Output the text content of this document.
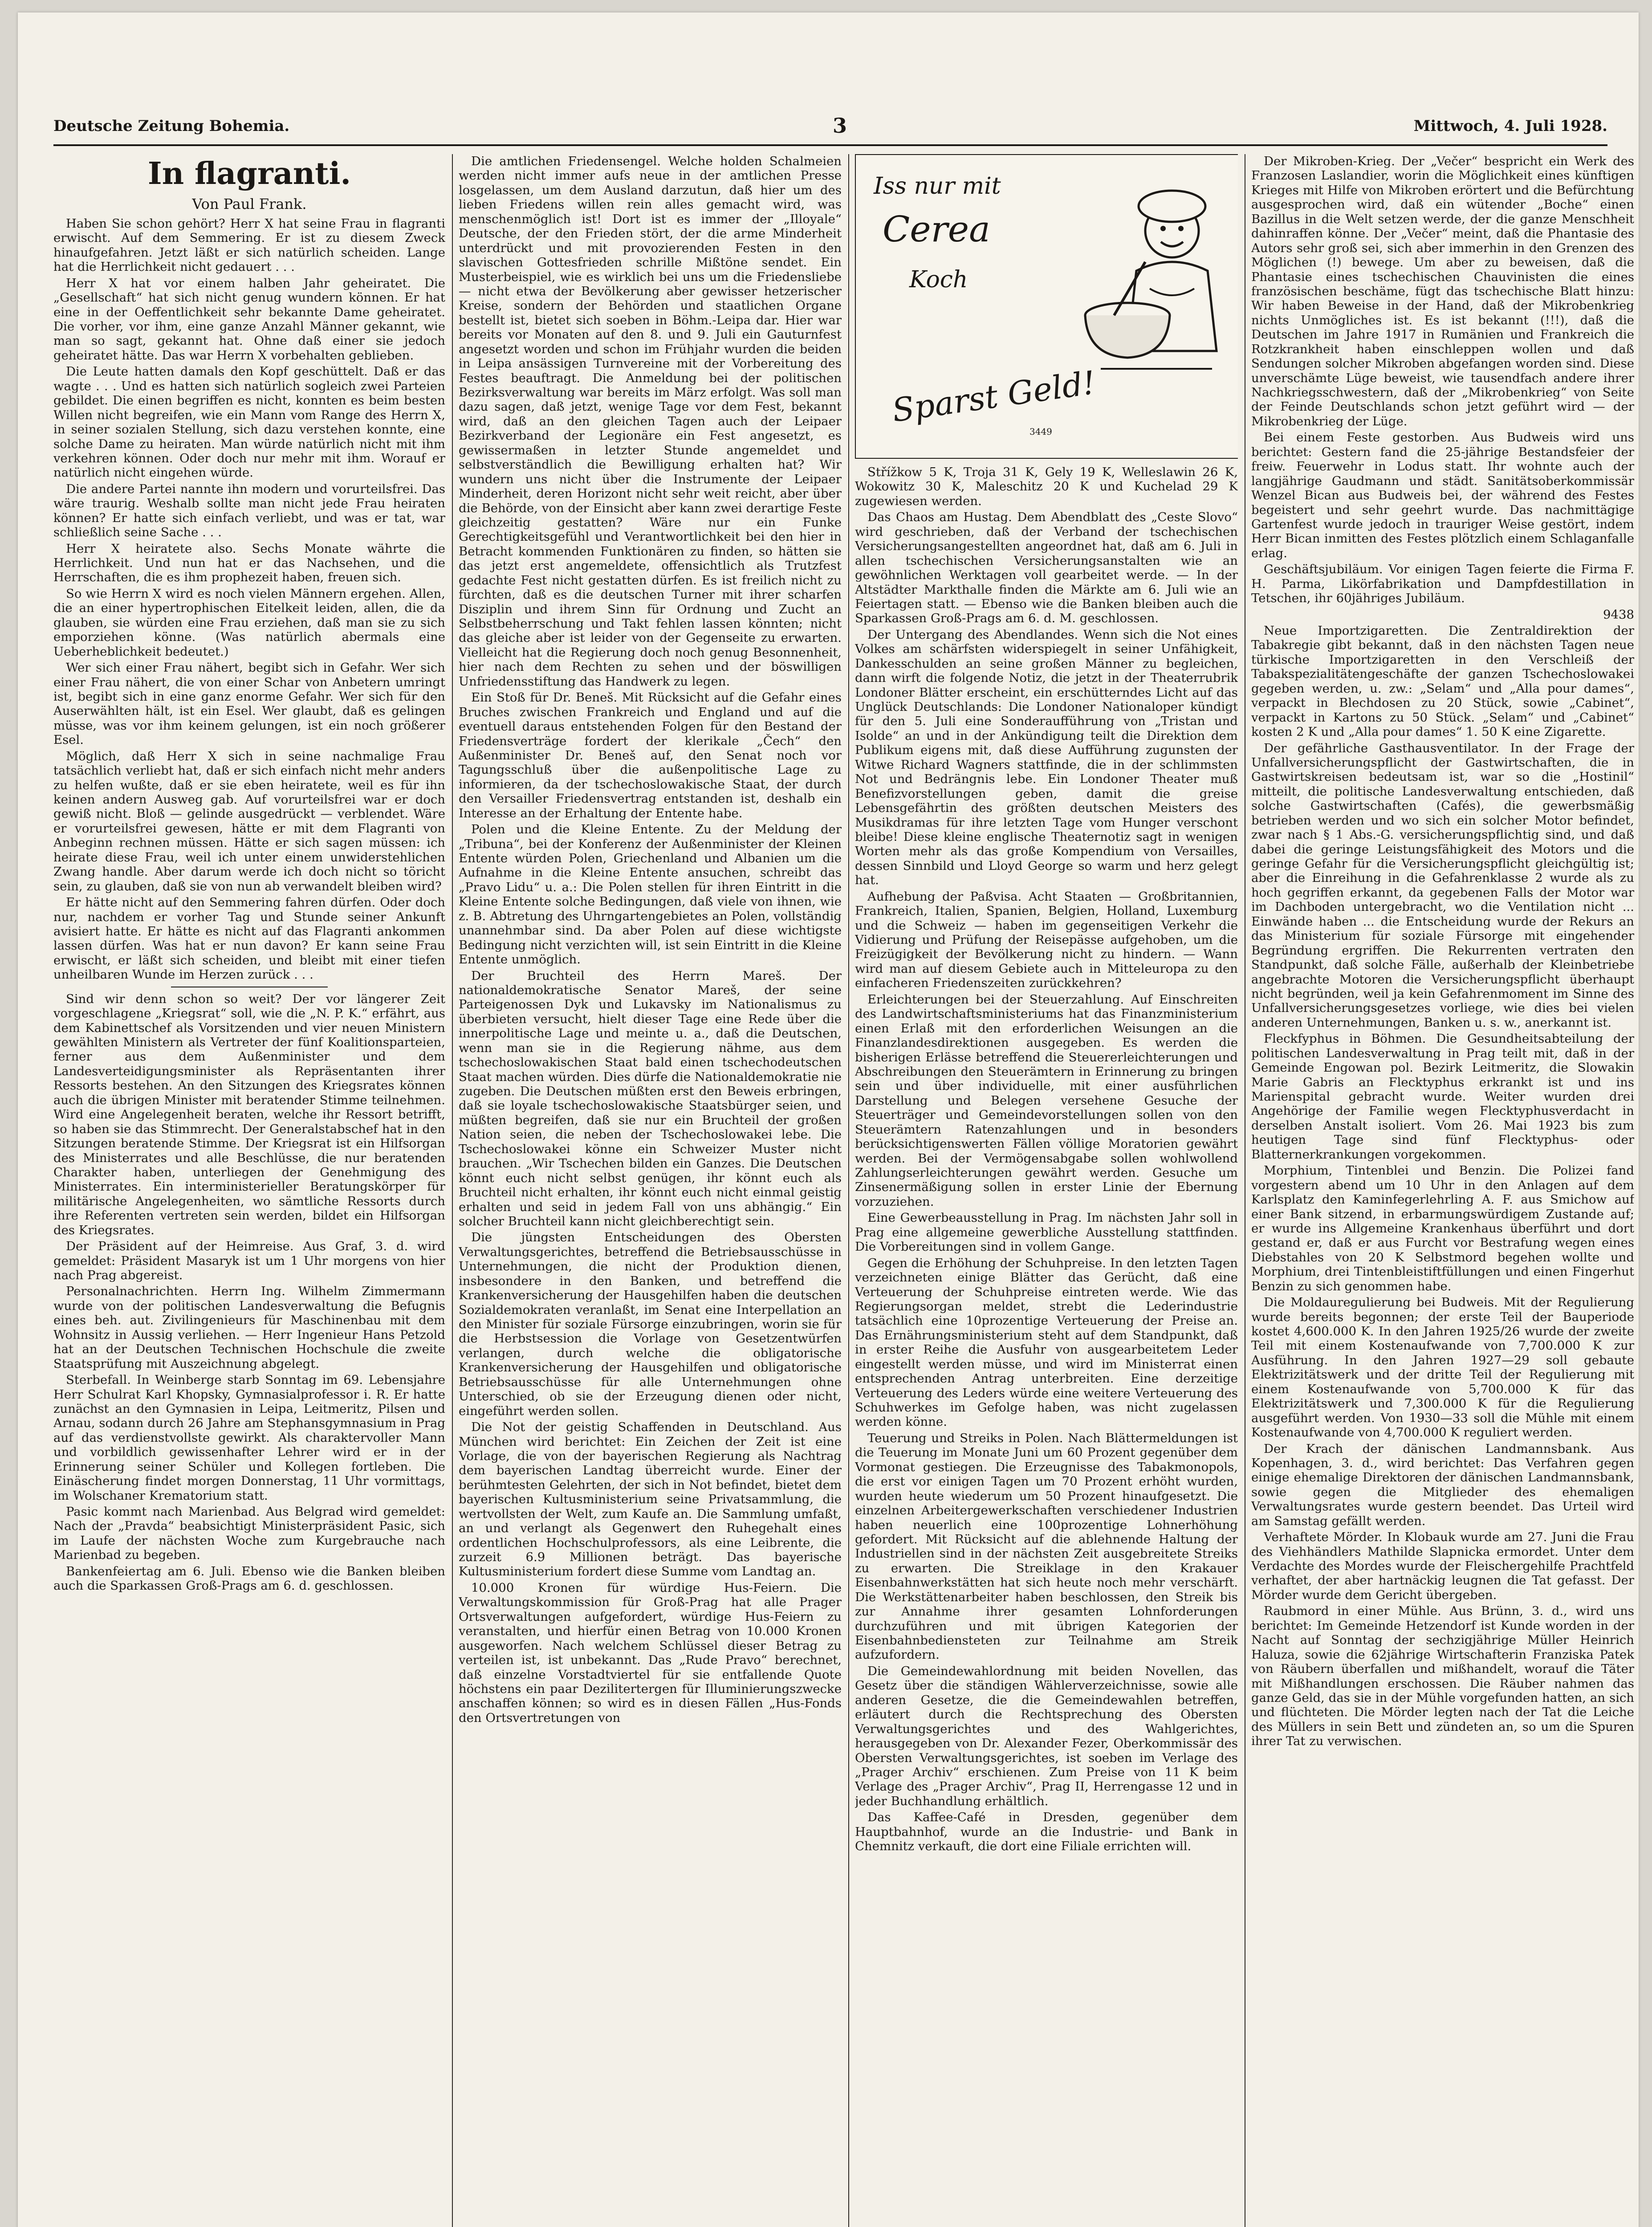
Deutsche Zeitung Bohemia.	3	Mittwoch, 4. Juli 1928.
In flagranti.
Von Paul Frank.

Haben Sie schon gehört? Herr X hat seine Frau in flagranti erwischt. Auf dem Semmering. Er ist zu diesem Zweck hinaufgefahren. Jetzt läßt er sich natürlich scheiden. Lange hat die Herrlichkeit nicht gedauert . . .

Herr X hat vor einem halben Jahr geheiratet. Die „Gesellschaft“ hat sich nicht genug wundern können. Er hat eine in der Oeffentlichkeit sehr bekannte Dame geheiratet. Die vorher, vor ihm, eine ganze Anzahl Männer gekannt, wie man so sagt, gekannt hat. Ohne daß einer sie jedoch geheiratet hätte. Das war Herrn X vorbehalten geblieben.

Die Leute hatten damals den Kopf geschüttelt. Daß er das wagte . . . Und es hatten sich natürlich sogleich zwei Parteien gebildet. Die einen begriffen es nicht, konnten es beim besten Willen nicht begreifen, wie ein Mann vom Range des Herrn X, in seiner sozialen Stellung, sich dazu verstehen konnte, eine solche Dame zu heiraten. Man würde natürlich nicht mit ihm verkehren können. Oder doch nur mehr mit ihm. Worauf er natürlich nicht eingehen würde.

Die andere Partei nannte ihn modern und vorurteilsfrei. Das wäre traurig. Weshalb sollte man nicht jede Frau heiraten können? Er hatte sich einfach verliebt, und was er tat, war schließlich seine Sache . . .

Herr X heiratete also. Sechs Monate währte die Herrlichkeit. Und nun hat er das Nachsehen, und die Herrschaften, die es ihm prophezeit haben, freuen sich.

So wie Herrn X wird es noch vielen Männern ergehen. Allen, die an einer hypertrophischen Eitelkeit leiden, allen, die da glauben, sie würden eine Frau erziehen, daß man sie zu sich emporziehen könne. (Was natürlich abermals eine Ueberheblichkeit bedeutet.)

Wer sich einer Frau nähert, begibt sich in Gefahr. Wer sich einer Frau nähert, die von einer Schar von Anbetern umringt ist, begibt sich in eine ganz enorme Gefahr. Wer sich für den Auserwählten hält, ist ein Esel. Wer glaubt, daß es gelingen müsse, was vor ihm keinem gelungen, ist ein noch größerer Esel.

Möglich, daß Herr X sich in seine nachmalige Frau tatsächlich verliebt hat, daß er sich einfach nicht mehr anders zu helfen wußte, daß er sie eben heiratete, weil es für ihn keinen andern Ausweg gab. Auf vorurteilsfrei war er doch gewiß nicht. Bloß — gelinde ausgedrückt — verblendet. Wäre er vorurteilsfrei gewesen, hätte er mit dem Flagranti von Anbeginn rechnen müssen. Hätte er sich sagen müssen: ich heirate diese Frau, weil ich unter einem unwiderstehlichen Zwang handle. Aber darum werde ich doch nicht so töricht sein, zu glauben, daß sie von nun ab verwandelt bleiben wird?

Er hätte nicht auf den Semmering fahren dürfen. Oder doch nur, nachdem er vorher Tag und Stunde seiner Ankunft avisiert hatte. Er hätte es nicht auf das Flagranti ankommen lassen dürfen. Was hat er nun davon? Er kann seine Frau erwischt, er läßt sich scheiden, und bleibt mit einer tiefen unheilbaren Wunde im Herzen zurück . . .

Sind wir denn schon so weit? Der vor längerer Zeit vorgeschlagene „Kriegsrat“ soll, wie die „N. P. K.“ erfährt, aus dem Kabinettschef als Vorsitzenden und vier neuen Ministern gewählten Ministern als Vertreter der fünf Koalitionsparteien, ferner aus dem Außenminister und dem Landesverteidigungsminister als Repräsentanten ihrer Ressorts bestehen. An den Sitzungen des Kriegsrates können auch die übrigen Minister mit beratender Stimme teilnehmen. Wird eine Angelegenheit beraten, welche ihr Ressort betrifft, so haben sie das Stimmrecht. Der Generalstabschef hat in den Sitzungen beratende Stimme. Der Kriegsrat ist ein Hilfsorgan des Ministerrates und alle Beschlüsse, die nur beratenden Charakter haben, unterliegen der Genehmigung des Ministerrates. Ein interministerieller Beratungskörper für militärische Angelegenheiten, wo sämtliche Ressorts durch ihre Referenten vertreten sein werden, bildet ein Hilfsorgan des Kriegsrates.

Der Präsident auf der Heimreise. Aus Graf, 3. d. wird gemeldet: Präsident Masaryk ist um 1 Uhr morgens von hier nach Prag abgereist.

Personalnachrichten. Herrn Ing. Wilhelm Zimmermann wurde von der politischen Landesverwaltung die Befugnis eines beh. aut. Zivilingenieurs für Maschinenbau mit dem Wohnsitz in Aussig verliehen. — Herr Ingenieur Hans Petzold hat an der Deutschen Technischen Hochschule die zweite Staatsprüfung mit Auszeichnung abgelegt.

Sterbefall. In Weinberge starb Sonntag im 69. Lebensjahre Herr Schulrat Karl Khopsky, Gymnasialprofessor i. R. Er hatte zunächst an den Gymnasien in Leipa, Leitmeritz, Pilsen und Arnau, sodann durch 26 Jahre am Stephansgymnasium in Prag auf das verdienstvollste gewirkt. Als charaktervoller Mann und vorbildlich gewissenhafter Lehrer wird er in der Erinnerung seiner Schüler und Kollegen fortleben. Die Einäscherung findet morgen Donnerstag, 11 Uhr vormittags, im Wolschaner Krematorium statt.

Pasic kommt nach Marienbad. Aus Belgrad wird gemeldet: Nach der „Pravda“ beabsichtigt Ministerpräsident Pasic, sich im Laufe der nächsten Woche zum Kurgebrauche nach Marienbad zu begeben.

Bankenfeiertag am 6. Juli. Ebenso wie die Banken bleiben auch die Sparkassen Groß-Prags am 6. d. geschlossen.

Die amtlichen Friedensengel. Welche holden Schalmeien werden nicht immer aufs neue in der amtlichen Presse losgelassen, um dem Ausland darzutun, daß hier um des lieben Friedens willen rein alles gemacht wird, was menschenmöglich ist! Dort ist es immer der „Illoyale“ Deutsche, der den Frieden stört, der die arme Minderheit unterdrückt und mit provozierenden Festen in den slavischen Gottesfrieden schrille Mißtöne sendet. Ein Musterbeispiel, wie es wirklich bei uns um die Friedensliebe — nicht etwa der Bevölkerung aber gewisser hetzerischer Kreise, sondern der Behörden und staatlichen Organe bestellt ist, bietet sich soeben in Böhm.-Leipa dar. Hier war bereits vor Monaten auf den 8. und 9. Juli ein Gauturnfest angesetzt worden und schon im Frühjahr wurden die beiden in Leipa ansässigen Turnvereine mit der Vorbereitung des Festes beauftragt. Die Anmeldung bei der politischen Bezirksverwaltung war bereits im März erfolgt. Was soll man dazu sagen, daß jetzt, wenige Tage vor dem Fest, bekannt wird, daß an den gleichen Tagen auch der Leipaer Bezirkverband der Legionäre ein Fest angesetzt, es gewissermaßen in letzter Stunde angemeldet und selbstverständlich die Bewilligung erhalten hat? Wir wundern uns nicht über die Instrumente der Leipaer Minderheit, deren Horizont nicht sehr weit reicht, aber über die Behörde, von der Einsicht aber kann zwei derartige Feste gleichzeitig gestatten? Wäre nur ein Funke Gerechtigkeitsgefühl und Verantwortlichkeit bei den hier in Betracht kommenden Funktionären zu finden, so hätten sie das jetzt erst angemeldete, offensichtlich als Trutzfest gedachte Fest nicht gestatten dürfen. Es ist freilich nicht zu fürchten, daß es die deutschen Turner mit ihrer scharfen Disziplin und ihrem Sinn für Ordnung und Zucht an Selbstbeherrschung und Takt fehlen lassen könnten; nicht das gleiche aber ist leider von der Gegenseite zu erwarten. Vielleicht hat die Regierung doch noch genug Besonnenheit, hier nach dem Rechten zu sehen und der böswilligen Unfriedensstiftung das Handwerk zu legen.

Ein Stoß für Dr. Beneš. Mit Rücksicht auf die Gefahr eines Bruches zwischen Frankreich und England und auf die eventuell daraus entstehenden Folgen für den Bestand der Friedensverträge fordert der klerikale „Čech“ den Außenminister Dr. Beneš auf, den Senat noch vor Tagungsschluß über die außenpolitische Lage zu informieren, da der tschechoslowakische Staat, der durch den Versailler Friedensvertrag entstanden ist, deshalb ein Interesse an der Erhaltung der Entente habe.

Polen und die Kleine Entente. Zu der Meldung der „Tribuna“, bei der Konferenz der Außenminister der Kleinen Entente würden Polen, Griechenland und Albanien um die Aufnahme in die Kleine Entente ansuchen, schreibt das „Pravo Lidu“ u. a.: Die Polen stellen für ihren Eintritt in die Kleine Entente solche Bedingungen, daß viele von ihnen, wie z. B. Abtretung des Uhrngartengebietes an Polen, vollständig unannehmbar sind. Da aber Polen auf diese wichtigste Bedingung nicht verzichten will, ist sein Eintritt in die Kleine Entente unmöglich.

Der Bruchteil des Herrn Mareš. Der nationaldemokratische Senator Mareš, der seine Parteigenossen Dyk und Lukavsky im Nationalismus zu überbieten versucht, hielt dieser Tage eine Rede über die innerpolitische Lage und meinte u. a., daß die Deutschen, wenn man sie in die Regierung nähme, aus dem tschechoslowakischen Staat bald einen tschechodeutschen Staat machen würden. Dies dürfe die Nationaldemokratie nie zugeben. Die Deutschen müßten erst den Beweis erbringen, daß sie loyale tschechoslowakische Staatsbürger seien, und müßten begreifen, daß sie nur ein Bruchteil der großen Nation seien, die neben der Tschechoslowakei lebe. Die Tschechoslowakei könne ein Schweizer Muster nicht brauchen. „Wir Tschechen bilden ein Ganzes. Die Deutschen könnt euch nicht selbst genügen, ihr könnt euch als Bruchteil nicht erhalten, ihr könnt euch nicht einmal geistig erhalten und seid in jedem Fall von uns abhängig.“ Ein solcher Bruchteil kann nicht gleichberechtigt sein.

Die jüngsten Entscheidungen des Obersten Verwaltungsgerichtes, betreffend die Betriebsausschüsse in Unternehmungen, die nicht der Produktion dienen, insbesondere in den Banken, und betreffend die Krankenversicherung der Hausgehilfen haben die deutschen Sozialdemokraten veranlaßt, im Senat eine Interpellation an den Minister für soziale Fürsorge einzubringen, worin sie für die Herbstsession die Vorlage von Gesetzentwürfen verlangen, durch welche die obligatorische Krankenversicherung der Hausgehilfen und obligatorische Betriebsausschüsse für alle Unternehmungen ohne Unterschied, ob sie der Erzeugung dienen oder nicht, eingeführt werden sollen.

Die Not der geistig Schaffenden in Deutschland. Aus München wird berichtet: Ein Zeichen der Zeit ist eine Vorlage, die von der bayerischen Regierung als Nachtrag dem bayerischen Landtag überreicht wurde. Einer der berühmtesten Gelehrten, der sich in Not befindet, bietet dem bayerischen Kultusministerium seine Privatsammlung, die wertvollsten der Welt, zum Kaufe an. Die Sammlung umfaßt, an und verlangt als Gegenwert den Ruhegehalt eines ordentlichen Hochschulprofessors, als eine Leibrente, die zurzeit 6.9 Millionen beträgt. Das bayerische Kultusministerium fordert diese Summe vom Landtag an.

10.000 Kronen für würdige Hus-Feiern. Die Verwaltungskommission für Groß-Prag hat alle Prager Ortsverwaltungen aufgefordert, würdige Hus-Feiern zu veranstalten, und hierfür einen Betrag von 10.000 Kronen ausgeworfen. Nach welchem Schlüssel dieser Betrag zu verteilen ist, ist unbekannt. Das „Rude Pravo“ berechnet, daß einzelne Vorstadtviertel für sie entfallende Quote höchstens ein paar Dezilitertergen für Illuminierungszwecke anschaffen können; so wird es in diesen Fällen „Hus-Fonds den Ortsvertretungen von

Iss nur mit
Cerea
Koch
Sparst Geld!
3449

Střížkow 5 K, Troja 31 K, Gely 19 K, Welleslawin 26 K, Wokowitz 30 K, Maleschitz 20 K und Kuchelad 29 K zugewiesen werden.

Das Chaos am Hustag. Dem Abendblatt des „Ceste Slovo“ wird geschrieben, daß der Verband der tschechischen Versicherungsangestellten angeordnet hat, daß am 6. Juli in allen tschechischen Versicherungsanstalten wie an gewöhnlichen Werktagen voll gearbeitet werde. — In der Altstädter Markthalle finden die Märkte am 6. Juli wie an Feiertagen statt. — Ebenso wie die Banken bleiben auch die Sparkassen Groß-Prags am 6. d. M. geschlossen.

Der Untergang des Abendlandes. Wenn sich die Not eines Volkes am schärfsten widerspiegelt in seiner Unfähigkeit, Dankesschulden an seine großen Männer zu begleichen, dann wirft die folgende Notiz, die jetzt in der Theaterrubrik Londoner Blätter erscheint, ein erschütterndes Licht auf das Unglück Deutschlands: Die Londoner Nationaloper kündigt für den 5. Juli eine Sonderaufführung von „Tristan und Isolde“ an und in der Ankündigung teilt die Direktion dem Publikum eigens mit, daß diese Aufführung zugunsten der Witwe Richard Wagners stattfinde, die in der schlimmsten Not und Bedrängnis lebe. Ein Londoner Theater muß Benefizvorstellungen geben, damit die greise Lebensgefährtin des größten deutschen Meisters des Musikdramas für ihre letzten Tage vom Hunger verschont bleibe! Diese kleine englische Theaternotiz sagt in wenigen Worten mehr als das große Kompendium von Versailles, dessen Sinnbild und Lloyd George so warm und herz gelegt hat.

Aufhebung der Paßvisa. Acht Staaten — Großbritannien, Frankreich, Italien, Spanien, Belgien, Holland, Luxemburg und die Schweiz — haben im gegenseitigen Verkehr die Vidierung und Prüfung der Reisepässe aufgehoben, um die Freizügigkeit der Bevölkerung nicht zu hindern. — Wann wird man auf diesem Gebiete auch in Mitteleuropa zu den einfacheren Friedenszeiten zurückkehren?

Erleichterungen bei der Steuerzahlung. Auf Einschreiten des Landwirtschaftsministeriums hat das Finanzministerium einen Erlaß mit den erforderlichen Weisungen an die Finanzlandesdirektionen ausgegeben. Es werden die bisherigen Erlässe betreffend die Steuererleichterungen und Abschreibungen den Steuerämtern in Erinnerung zu bringen sein und über individuelle, mit einer ausführlichen Darstellung und Belegen versehene Gesuche der Steuerträger und Gemeindevorstellungen sollen von den Steuerämtern Ratenzahlungen und in besonders berücksichtigenswerten Fällen völlige Moratorien gewährt werden. Bei der Vermögensabgabe sollen wohlwollend Zahlungserleichterungen gewährt werden. Gesuche um Zinsenermäßigung sollen in erster Linie der Ebernung vorzuziehen.

Eine Gewerbeausstellung in Prag. Im nächsten Jahr soll in Prag eine allgemeine gewerbliche Ausstellung stattfinden. Die Vorbereitungen sind in vollem Gange.

Gegen die Erhöhung der Schuhpreise. In den letzten Tagen verzeichneten einige Blätter das Gerücht, daß eine Verteuerung der Schuhpreise eintreten werde. Wie das Regierungsorgan meldet, strebt die Lederindustrie tatsächlich eine 10prozentige Verteuerung der Preise an. Das Ernährungsministerium steht auf dem Standpunkt, daß in erster Reihe die Ausfuhr von ausgearbeitetem Leder eingestellt werden müsse, und wird im Ministerrat einen entsprechenden Antrag unterbreiten. Eine derzeitige Verteuerung des Leders würde eine weitere Verteuerung des Schuhwerkes im Gefolge haben, was nicht zugelassen werden könne.

Teuerung und Streiks in Polen. Nach Blättermeldungen ist die Teuerung im Monate Juni um 60 Prozent gegenüber dem Vormonat gestiegen. Die Erzeugnisse des Tabakmonopols, die erst vor einigen Tagen um 70 Prozent erhöht wurden, wurden heute wiederum um 50 Prozent hinaufgesetzt. Die einzelnen Arbeitergewerkschaften verschiedener Industrien haben neuerlich eine 100prozentige Lohnerhöhung gefordert. Mit Rücksicht auf die ablehnende Haltung der Industriellen sind in der nächsten Zeit ausgebreitete Streiks zu erwarten. Die Streiklage in den Krakauer Eisenbahnwerkstätten hat sich heute noch mehr verschärft. Die Werkstättenarbeiter haben beschlossen, den Streik bis zur Annahme ihrer gesamten Lohnforderungen durchzuführen und mit übrigen Kategorien der Eisenbahnbediensteten zur Teilnahme am Streik aufzufordern.

Die Gemeindewahlordnung mit beiden Novellen, das Gesetz über die ständigen Wählerverzeichnisse, sowie alle anderen Gesetze, die die Gemeindewahlen betreffen, erläutert durch die Rechtsprechung des Obersten Verwaltungsgerichtes und des Wahlgerichtes, herausgegeben von Dr. Alexander Fezer, Oberkommissär des Obersten Verwaltungsgerichtes, ist soeben im Verlage des „Prager Archiv“ erschienen. Zum Preise von 11 K beim Verlage des „Prager Archiv“, Prag II, Herrengasse 12 und in jeder Buchhandlung erhältlich.

Das Kaffee-Café in Dresden, gegenüber dem Hauptbahnhof, wurde an die Industrie- und Bank in Chemnitz verkauft, die dort eine Filiale errichten will.

Der Mikroben-Krieg. Der „Večer“ bespricht ein Werk des Franzosen Laslandier, worin die Möglichkeit eines künftigen Krieges mit Hilfe von Mikroben erörtert und die Befürchtung ausgesprochen wird, daß ein wütender „Boche“ einen Bazillus in die Welt setzen werde, der die ganze Menschheit dahinraffen könne. Der „Večer“ meint, daß die Phantasie des Autors sehr groß sei, sich aber immerhin in den Grenzen des Möglichen (!) bewege. Um aber zu beweisen, daß die Phantasie eines tschechischen Chauvinisten die eines französischen beschäme, fügt das tschechische Blatt hinzu: Wir haben Beweise in der Hand, daß der Mikrobenkrieg nichts Unmögliches ist. Es ist bekannt (!!!), daß die Deutschen im Jahre 1917 in Rumänien und Frankreich die Rotzkrankheit haben einschleppen wollen und daß Sendungen solcher Mikroben abgefangen worden sind. Diese unverschämte Lüge beweist, wie tausendfach andere ihrer Nachkriegsschwestern, daß der „Mikrobenkrieg“ von Seite der Feinde Deutschlands schon jetzt geführt wird — der Mikrobenkrieg der Lüge.

Bei einem Feste gestorben. Aus Budweis wird uns berichtet: Gestern fand die 25-jährige Bestandsfeier der freiw. Feuerwehr in Lodus statt. Ihr wohnte auch der langjährige Gaudmann und städt. Sanitätsoberkommissär Wenzel Bican aus Budweis bei, der während des Festes begeistert und sehr geehrt wurde. Das nachmittägige Gartenfest wurde jedoch in trauriger Weise gestört, indem Herr Bican inmitten des Festes plötzlich einem Schlaganfalle erlag.

Geschäftsjubiläum. Vor einigen Tagen feierte die Firma F. H. Parma, Likörfabrikation und Dampfdestillation in Tetschen, ihr 60jähriges Jubiläum.

9438

Neue Importzigaretten. Die Zentraldirektion der Tabakregie gibt bekannt, daß in den nächsten Tagen neue türkische Importzigaretten in den Verschleiß der Tabakspezialitätengeschäfte der ganzen Tschechoslowakei gegeben werden, u. zw.: „Selam“ und „Alla pour dames“, verpackt in Blechdosen zu 20 Stück, sowie „Cabinet“, verpackt in Kartons zu 50 Stück. „Selam“ und „Cabinet“ kosten 2 K und „Alla pour dames“ 1. 50 K eine Zigarette.

Der gefährliche Gasthausventilator. In der Frage der Unfallversicherungspflicht der Gastwirtschaften, die in Gastwirtskreisen bedeutsam ist, war so die „Hostinil“ mitteilt, die politische Landesverwaltung entschieden, daß solche Gastwirtschaften (Cafés), die gewerbsmäßig betrieben werden und wo sich ein solcher Motor befindet, zwar nach § 1 Abs.-G. versicherungspflichtig sind, und daß dabei die geringe Leistungsfähigkeit des Motors und die geringe Gefahr für die Versicherungspflicht gleichgültig ist; aber die Einreihung in die Gefahrenklasse 2 wurde als zu hoch gegriffen erkannt, da gegebenen Falls der Motor war im Dachboden untergebracht, wo die Ventilation nicht ... Einwände haben ... die Entscheidung wurde der Rekurs an das Ministerium für soziale Fürsorge mit eingehender Begründung ergriffen. Die Rekurrenten vertraten den Standpunkt, daß solche Fälle, außerhalb der Kleinbetriebe angebrachte Motoren die Versicherungspflicht überhaupt nicht begründen, weil ja kein Gefahrenmoment im Sinne des Unfallversicherungsgesetzes vorliege, wie dies bei vielen anderen Unternehmungen, Banken u. s. w., anerkannt ist.

Fleckfyphus in Böhmen. Die Gesundheitsabteilung der politischen Landesverwaltung in Prag teilt mit, daß in der Gemeinde Engowan pol. Bezirk Leitmeritz, die Slowakin Marie Gabris an Flecktyphus erkrankt ist und ins Marienspital gebracht wurde. Weiter wurden drei Angehörige der Familie wegen Flecktyphusverdacht in derselben Anstalt isoliert. Vom 26. Mai 1923 bis zum heutigen Tage sind fünf Flecktyphus- oder Blatternerkrankungen vorgekommen.

Morphium, Tintenblei und Benzin. Die Polizei fand vorgestern abend um 10 Uhr in den Anlagen auf dem Karlsplatz den Kaminfegerlehrling A. F. aus Smichow auf einer Bank sitzend, in erbarmungswürdigem Zustande auf; er wurde ins Allgemeine Krankenhaus überführt und dort gestand er, daß er aus Furcht vor Bestrafung wegen eines Diebstahles von 20 K Selbstmord begehen wollte und Morphium, drei Tintenbleistiftfüllungen und einen Fingerhut Benzin zu sich genommen habe.

Die Moldauregulierung bei Budweis. Mit der Regulierung wurde bereits begonnen; der erste Teil der Bauperiode kostet 4,600.000 K. In den Jahren 1925/26 wurde der zweite Teil mit einem Kostenaufwande von 7,700.000 K zur Ausführung. In den Jahren 1927—29 soll gebaute Elektrizitätswerk und der dritte Teil der Regulierung mit einem Kostenaufwande von 5,700.000 K für das Elektrizitätswerk und 7,300.000 K für die Regulierung ausgeführt werden. Von 1930—33 soll die Mühle mit einem Kostenaufwande von 4,700.000 K reguliert werden.

Der Krach der dänischen Landmannsbank. Aus Kopenhagen, 3. d., wird berichtet: Das Verfahren gegen einige ehemalige Direktoren der dänischen Landmannsbank, sowie gegen die Mitglieder des ehemaligen Verwaltungsrates wurde gestern beendet. Das Urteil wird am Samstag gefällt werden.

Verhaftete Mörder. In Klobauk wurde am 27. Juni die Frau des Viehhändlers Mathilde Slapnicka ermordet. Unter dem Verdachte des Mordes wurde der Fleischergehilfe Prachtfeld verhaftet, der aber hartnäckig leugnen die Tat gefasst. Der Mörder wurde dem Gericht übergeben.

Raubmord in einer Mühle. Aus Brünn, 3. d., wird uns berichtet: Im Gemeinde Hetzendorf ist Kunde worden in der Nacht auf Sonntag der sechzigjährige Müller Heinrich Haluza, sowie die 62jährige Wirtschafterin Franziska Patek von Räubern überfallen und mißhandelt, worauf die Täter mit Mißhandlungen erschossen. Die Räuber nahmen das ganze Geld, das sie in der Mühle vorgefunden hatten, an sich und flüchteten. Die Mörder legten nach der Tat die Leiche des Müllers in sein Bett und zündeten an, so um die Spuren ihrer Tat zu verwischen.
